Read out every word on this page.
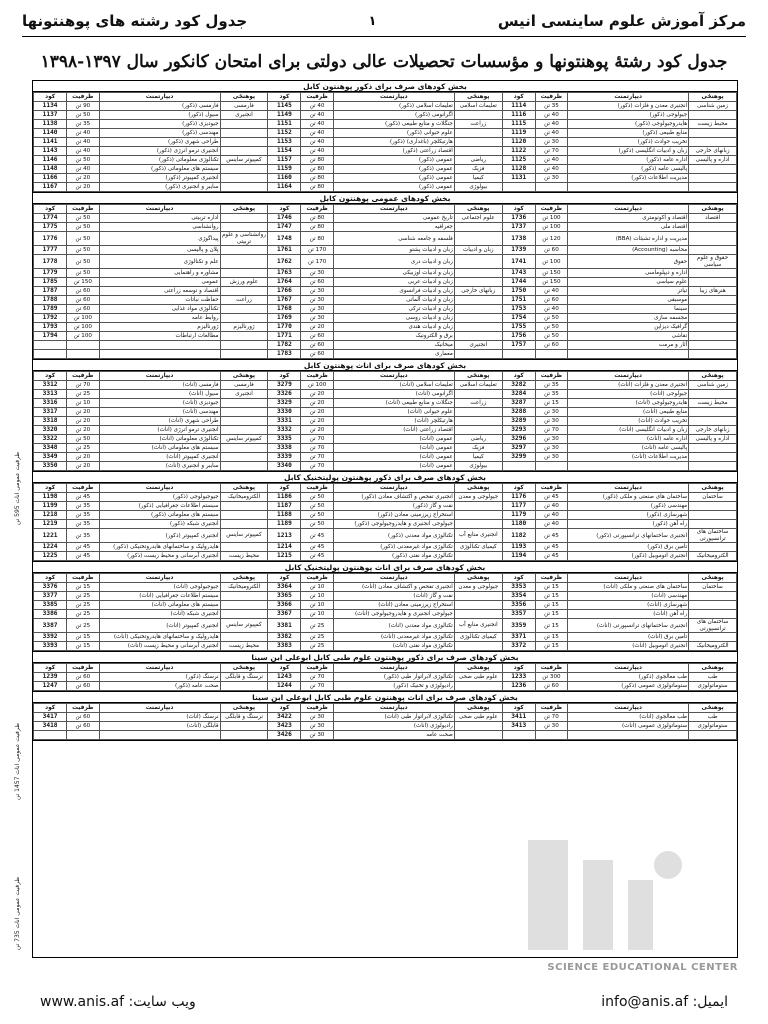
مرکز آموزش علوم ساینسی انیس
۱
جدول کود رشته های پوهنتونها
جدول کود رشتهٔ پوهنتونها و مؤسسات تحصیلات عالی دولتی برای امتحان کانکور سال ۱۳۹۷-۱۳۹۸
بخش کودهای صرف برای ذکور پوهنتون کابل
پوهنځی	دیپارتمنت	ظرفیت	کود	پوهنځی	دیپارتمنت	ظرفیت	کود	پوهنځی	دیپارتمنت	ظرفیت	کود
زمین شناسی	انجنیری معدن و فلزات (ذکور)	35 تن	1114	تعلیمات اسلامی	تعلیمات اسلامی (ذکور)	40 تن	1145	فارمسی	فارمسی (ذکور)	90 تن	1134
	جیولوجی (ذکور)	40 تن	1116		اگرانومی (ذکور)	40 تن	1149	انجنیری	سیول (ذکور)	50 تن	1137
محیط زیست	هایدروجیولوجی (ذکور)	40 تن	1115	زراعت	جنگلات و منابع طبیعی (ذکور)	40 تن	1151		جیودیزی (ذکور)	35 تن	1138
	منابع طبیعی (ذکور)	40 تن	1119		علوم حیوانی (ذکور)	40 تن	1152		مهندسی (ذکور)	40 تن	1140
	تخریب حوادث (ذکور)	30 تن	1120		هارتیکلچر (باغداری) (ذکور)	40 تن	1153		طراحی شهری (ذکور)	40 تن	1141
زبانهای خارجی	زبان و ادبیات انگلیسی (ذکور)	70 تن	1122		اقتصاد زراعتی (ذکور)	40 تن	1154		انجنیری ترمو انرژی (ذکور)	40 تن	1143
اداره و پالیسی	اداره عامه (ذکور)	40 تن	1125	ریاضی	عمومی (ذکور)	80 تن	1157	کمپیوتر ساینس	تکنالوژی معلوماتی (ذکور)	50 تن	1146
	پالیسی عامه (ذکور)	40 تن	1128	فزیک	عمومی (ذکور)	80 تن	1159		سیستم های معلوماتی (ذکور)	40 تن	1148
	مدیریت اطلاعات (ذکور)	30 تن	1131	کیمیا	عمومی (ذکور)	80 تن	1160		انجنیری کمپیوتر (ذکور)	20 تن	1166
				بیولوژی	عمومی (ذکور)	80 تن	1164		سایبر و انجنیری (ذکور)	20 تن	1167
بخش کودهای عمومی پوهنتون کابل
پوهنځی	دیپارتمنت	ظرفیت	کود	پوهنځی	دیپارتمنت	ظرفیت	کود	پوهنځی	دیپارتمنت	ظرفیت	کود
اقتصاد	اقتصاد و اکونومتری	100 تن	1736	علوم اجتماعی	تاریخ عمومی	80 تن	1746		اداره تربیتی	50 تن	1774
	اقتصاد ملی	100 تن	1737		جغرافیه	80 تن	1747		روانشناسی	50 تن	1775
	مدیریت و اداره تشبثات (BBA)	120 تن	1738		فلسفه و جامعه شناسی	80 تن	1748	روانشناسی و علوم تربیتی	پیداگوژی	50 تن	1776
	محاسبه (Accounting)	60 تن	1739	زبان و ادبیات	زبان و ادبیات پشتو	170 تن	1761		پلان و پالیسی	50 تن	1777
حقوق و علوم سیاسی	حقوق	100 تن	1741		زبان و ادبیات دری	170 تن	1762		علم و تکنالوژی	50 تن	1778
	اداره و دیپلوماسی	150 تن	1743		زبان و ادبیات اوزبیکی	30 تن	1763		مشاوره و راهنمایی	50 تن	1779
	علوم سیاسی	150 تن	1744		زبان و ادبیات عربی	60 تن	1764	علوم ورزش	عمومی	150 تن	1785
هنرهای زیبا	تیاتر	40 تن	1750	زبانهای خارجی	زبان و ادبیات فرانسوی	30 تن	1766		اقتصاد و توسعه زراعتی	60 تن	1787
	موسیقی	60 تن	1751		زبان و ادبیات آلمانی	30 تن	1767	زراعت	حفاظت نباتات	60 تن	1788
	سینما	40 تن	1753		زبان و ادبیات ترکی	30 تن	1768		تکنالوژی مواد غذایی	60 تن	1789
	مجسمه سازی	50 تن	1754		زبان و ادبیات روسی	30 تن	1769		روابط عامه	100 تن	1792
	گرافیک دیزاین	50 تن	1755		زبان و ادبیات هندی	20 تن	1770	ژورنالیزم	ژورنالیزم	100 تن	1793
	نقاشی	50 تن	1756		برق و الکترونیک	60 تن	1771		مطالعات ارتباطات	100 تن	1794
	آثار و مرمت	60 تن	1757	انجنیری	میخانیک	60 تن	1782				
					معماری	60 تن	1783				
بخش کودهای صرف برای اناث پوهنتون کابل
پوهنځی	دیپارتمنت	ظرفیت	کود	پوهنځی	دیپارتمنت	ظرفیت	کود	پوهنځی	دیپارتمنت	ظرفیت	کود
زمین شناسی	انجنیری معدن و فلزات (اناث)	35 تن	3282	تعلیمات اسلامی	تعلیمات اسلامی (اناث)	100 تن	3279	فارمسی	فارمسی (اناث)	70 تن	3312
	جیولوجی (اناث)	35 تن	3284		اگرانومی (اناث)	20 تن	3326	انجنیری	سیول (اناث)	25 تن	3313
محیط زیست	هایدروجیولوجی (اناث)	15 تن	3287	زراعت	جنگلات و منابع طبیعی (اناث)	20 تن	3329		جیودیزی (اناث)	10 تن	3316
	منابع طبیعی (اناث)	30 تن	3288		علوم حیوانی (اناث)	20 تن	3330		مهندسی (اناث)	20 تن	3317
	تخریب حوادث (اناث)	30 تن	3289		هارتیکلچر (اناث)	20 تن	3331		طراحی شهری (اناث)	20 تن	3318
زبانهای خارجی	زبان و ادبیات انگلیسی (اناث)	70 تن	3293		اقتصاد زراعتی (اناث)	20 تن	3332		انجنیری ترمو انرژی (اناث)	20 تن	3320
اداره و پالیسی	اداره عامه (اناث)	30 تن	3296	ریاضی	عمومی (اناث)	70 تن	3335	کمپیوتر ساینس	تکنالوژی معلوماتی (اناث)	50 تن	3322
	پالیسی عامه (اناث)	30 تن	3297	فزیک	عمومی (اناث)	70 تن	3338		سیستم های معلوماتی (اناث)	25 تن	3348
	مدیریت اطلاعات (اناث)	30 تن	3299	کیمیا	عمومی (اناث)	70 تن	3339		انجنیری کمپیوتر (اناث)	20 تن	3349
				بیولوژی	عمومی (اناث)	70 تن	3340		سایبر و انجنیری (اناث)	20 تن	3350
بخش کودهای صرف برای ذکور پوهنتون پولیتخنیک کابل
پوهنځی	دیپارتمنت	ظرفیت	کود	پوهنځی	دیپارتمنت	ظرفیت	کود	پوهنځی	دیپارتمنت	ظرفیت	کود
ساختمان	ساختمان های صنعتی و ملکی (ذکور)	45 تن	1176	جیولوجی و معدن	انجنیری تفحص و اکتشاف معادن (ذکور)	50 تن	1186	الکترومیخانیک	جیوجیولوجی (ذکور)	45 تن	1198
	مهندسی (ذکور)	40 تن	1177		نفت و گاز (ذکور)	50 تن	1187		سیستم اطلاعات جغرافیایی (ذکور)	35 تن	1199
	شهرسازی (ذکور)	40 تن	1179		استخراج زیرزمینی معادن (ذکور)	50 تن	1188		سیستم های معلوماتی (ذکور)	35 تن	1218
	راه آهن (ذکور)	40 تن	1180		جیولوجی انجنیری و هایدروجیولوجی (ذکور)	50 تن	1189		انجنیری شبکه (ذکور)	35 تن	1219
ساختمان های ترانسپورتی	انجنیری ساختمانهای ترانسپورتی (ذکور)	45 تن	1182	انجنیری منابع آب	تکنالوژی مواد معدنی (ذکور)	45 تن	1213	کمپیوتر ساینس	انجنیری کمپیوتر (ذکور)	35 تن	1221
	تأمین برق (ذکور)	45 تن	1193	کیمیای تکنالوژی	تکنالوژی مواد غیرمعدنی (ذکور)	45 تن	1214		هایدرولیک و ساختمانهای هایدروتخنیکی (ذکور)	45 تن	1224
الکترومیخانیک	انجنیری اتوموبیل (ذکور)	45 تن	1194		تکنالوژی مواد نفتی (ذکور)	45 تن	1215	محیط زیست	انجنیری آبرسانی و محیط زیست (ذکور)	45 تن	1225
بخش کودهای صرف برای اناث پوهنتون پولیتخنیک کابل
پوهنځی	دیپارتمنت	ظرفیت	کود	پوهنځی	دیپارتمنت	ظرفیت	کود	پوهنځی	دیپارتمنت	ظرفیت	کود
ساختمان	ساختمان های صنعتی و ملکی (اناث)	15 تن	3353	جیولوجی و معدن	انجنیری تفحص و اکتشاف معادن (اناث)	10 تن	3364	الکترومیخانیک	جیوجیولوجی (اناث)	15 تن	3376
	مهندسی (اناث)	15 تن	3354		نفت و گاز (اناث)	10 تن	3365		سیستم اطلاعات جغرافیایی (اناث)	25 تن	3377
	شهرسازی (اناث)	15 تن	3356		استخراج زیرزمینی معادن (اناث)	10 تن	3366		سیستم های معلوماتی (اناث)	25 تن	3385
	راه آهن (اناث)	15 تن	3357		جیولوجی انجنیری و هایدروجیولوجی (اناث)	10 تن	3367		انجنیری شبکه (اناث)	25 تن	3386
ساختمان های ترانسپورتی	انجنیری ساختمانهای ترانسپورتی (اناث)	15 تن	3359	انجنیری منابع آب	تکنالوژی مواد معدنی (اناث)	25 تن	3381	کمپیوتر ساینس	انجنیری کمپیوتر (اناث)	25 تن	3387
	تأمین برق (اناث)	15 تن	3371	کیمیای تکنالوژی	تکنالوژی مواد غیرمعدنی (اناث)	25 تن	3382		هایدرولیک و ساختمانهای هایدروتخنیکی (اناث)	15 تن	3392
الکترومیخانیک	انجنیری اتوموبیل (اناث)	15 تن	3372		تکنالوژی مواد نفتی (اناث)	25 تن	3383	محیط زیست	انجنیری آبرسانی و محیط زیست (اناث)	15 تن	3393
بخش کودهای صرف برای ذکور پوهنتون علوم طبی کابل ابوعلی ابن سینا
پوهنځی	دیپارتمنت	ظرفیت	کود	پوهنځی	دیپارتمنت	ظرفیت	کود	پوهنځی	دیپارتمنت	ظرفیت	کود
طب	طب معالجوی (ذکور)	300 تن	1233	علوم طبی صحی	تکنالوژی لابراتوار طبی (ذکور)	70 تن	1243	نرسنگ و قابلگی	نرسنگ (ذکور)	60 تن	1239
ستوماتولوژی	ستوماتولوژی عمومی (ذکور)	60 تن	1236		رادیولوژی و تخنیک (ذکور)	70 تن	1244		صحت عامه (ذکور)	60 تن	1247
بخش کودهای صرف برای اناث پوهنتون علوم طبی کابل ابوعلی ابن سینا
پوهنځی	دیپارتمنت	ظرفیت	کود	پوهنځی	دیپارتمنت	ظرفیت	کود	پوهنځی	دیپارتمنت	ظرفیت	کود
طب	طب معالجوی (اناث)	70 تن	3411	علوم طبی صحی	تکنالوژی لابراتوار طبی (اناث)	30 تن	3422	نرسنگ و قابلگی	نرسنگ (اناث)	60 تن	3417
ستوماتولوژی	ستوماتولوژی عمومی (اناث)	30 تن	3413		رادیولوژی (اناث)	30 تن	3423		قابلگی (اناث)	60 تن	3418
					صحت عامه	30 تن	3426				
ظرفیت عمومی اناث 595 تن
ظرفیت عمومی اناث 1457 تن
ظرفیت عمومی اناث 735 تن
SCIENCE EDUCATIONAL CENTER
ایمیل: info@anis.af
ویب سایت: www.anis.af
